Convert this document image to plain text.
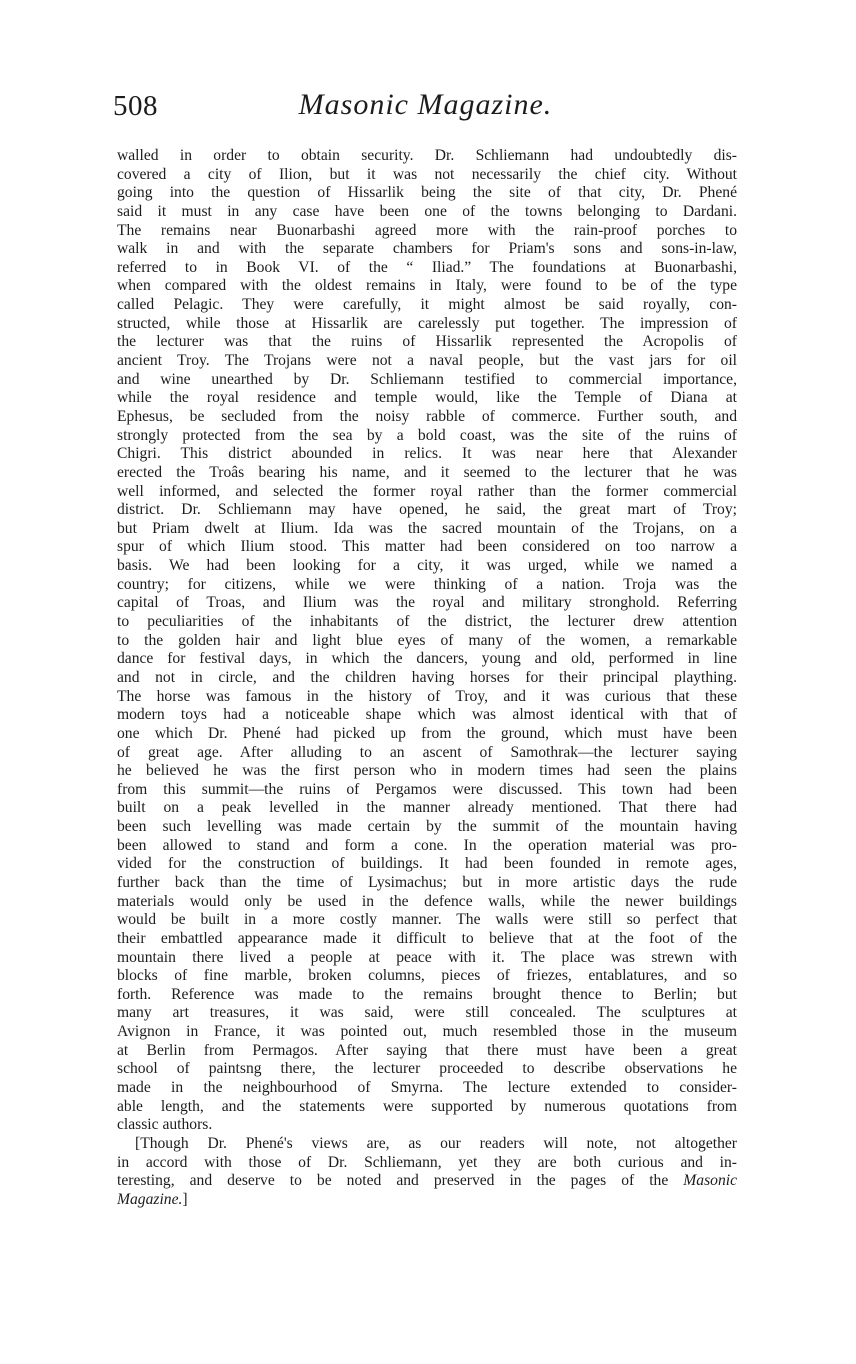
508	Masonic Magazine.
walled in order to obtain security. Dr. Schliemann had undoubtedly dis-
covered a city of Ilion, but it was not necessarily the chief city. Without
going into the question of Hissarlik being the site of that city, Dr. Phené
said it must in any case have been one of the towns belonging to Dardani.
The remains near Buonarbashi agreed more with the rain-proof porches to
walk in and with the separate chambers for Priam's sons and sons-in-law,
referred to in Book VI. of the “ Iliad.” The foundations at Buonarbashi,
when compared with the oldest remains in Italy, were found to be of the type
called Pelagic. They were carefully, it might almost be said royally, con-
structed, while those at Hissarlik are carelessly put together. The impression of
the lecturer was that the ruins of Hissarlik represented the Acropolis of
ancient Troy. The Trojans were not a naval people, but the vast jars for oil
and wine unearthed by Dr. Schliemann testified to commercial importance,
while the royal residence and temple would, like the Temple of Diana at
Ephesus, be secluded from the noisy rabble of commerce. Further south, and
strongly protected from the sea by a bold coast, was the site of the ruins of
Chigri. This district abounded in relics. It was near here that Alexander
erected the Troâs bearing his name, and it seemed to the lecturer that he was
well informed, and selected the former royal rather than the former commercial
district. Dr. Schliemann may have opened, he said, the great mart of Troy;
but Priam dwelt at Ilium. Ida was the sacred mountain of the Trojans, on a
spur of which Ilium stood. This matter had been considered on too narrow a
basis. We had been looking for a city, it was urged, while we named a
country; for citizens, while we were thinking of a nation. Troja was the
capital of Troas, and Ilium was the royal and military stronghold. Referring
to peculiarities of the inhabitants of the district, the lecturer drew attention
to the golden hair and light blue eyes of many of the women, a remarkable
dance for festival days, in which the dancers, young and old, performed in line
and not in circle, and the children having horses for their principal plaything.
The horse was famous in the history of Troy, and it was curious that these
modern toys had a noticeable shape which was almost identical with that of
one which Dr. Phené had picked up from the ground, which must have been
of great age. After alluding to an ascent of Samothrak—the lecturer saying
he believed he was the first person who in modern times had seen the plains
from this summit—the ruins of Pergamos were discussed. This town had been
built on a peak levelled in the manner already mentioned. That there had
been such levelling was made certain by the summit of the mountain having
been allowed to stand and form a cone. In the operation material was pro-
vided for the construction of buildings. It had been founded in remote ages,
further back than the time of Lysimachus; but in more artistic days the rude
materials would only be used in the defence walls, while the newer buildings
would be built in a more costly manner. The walls were still so perfect that
their embattled appearance made it difficult to believe that at the foot of the
mountain there lived a people at peace with it. The place was strewn with
blocks of fine marble, broken columns, pieces of friezes, entablatures, and so
forth. Reference was made to the remains brought thence to Berlin; but
many art treasures, it was said, were still concealed. The sculptures at
Avignon in France, it was pointed out, much resembled those in the museum
at Berlin from Permagos. After saying that there must have been a great
school of paintsng there, the lecturer proceeded to describe observations he
made in the neighbourhood of Smyrna. The lecture extended to consider-
able length, and the statements were supported by numerous quotations from
classic authors.
[Though Dr. Phené's views are, as our readers will note, not altogether
in accord with those of Dr. Schliemann, yet they are both curious and in-
teresting, and deserve to be noted and preserved in the pages of the Masonic
Magazine.]
